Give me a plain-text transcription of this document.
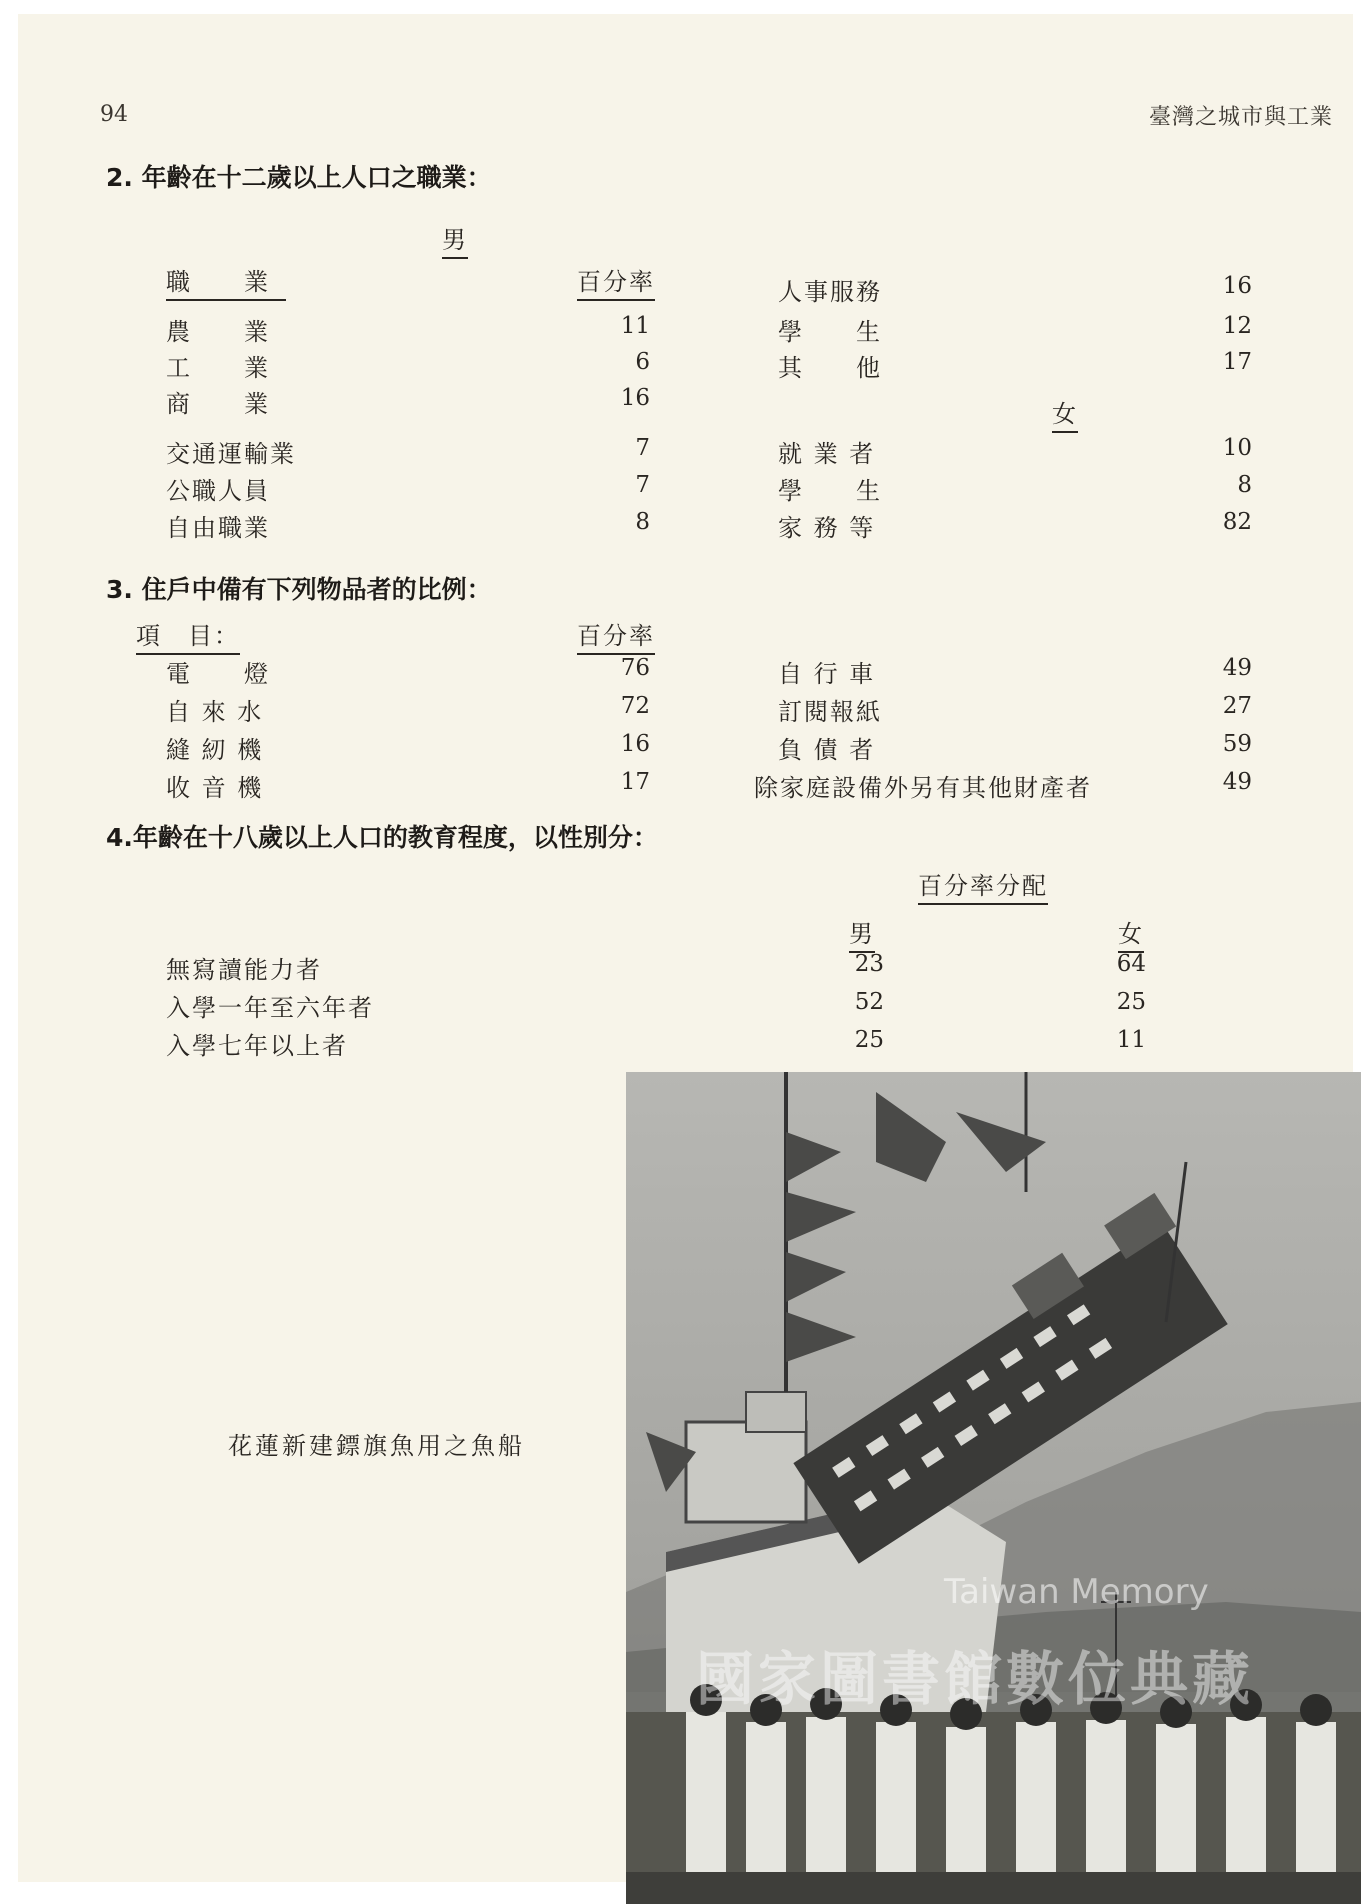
94	臺灣之城市與工業
2. 年齡在十二歲以上人口之職業：
男
職　　業	百分率
農　　業	11
工　　業	6
商　　業	16
交通運輸業	7
公職人員	7
自由職業	8
人事服務	16
學　　生	12
其　　他	17
女
就 業 者	10
學　　生	8
家 務 等	82
3. 住戶中備有下列物品者的比例：
項　目：	百分率
電　　燈	76
自 來 水	72
縫 紉 機	16
收 音 機	17
自 行 車	49
訂閱報紙	27
負 債 者	59
除家庭設備外另有其他財產者	49
4.年齡在十八歲以上人口的教育程度，以性別分：
百分率分配
男	女
無寫讀能力者	23	64
入學一年至六年者	52	25
入學七年以上者	25	11
花蓮新建鏢旗魚用之魚船
Taiwan Memory
國家圖書館數位典藏
